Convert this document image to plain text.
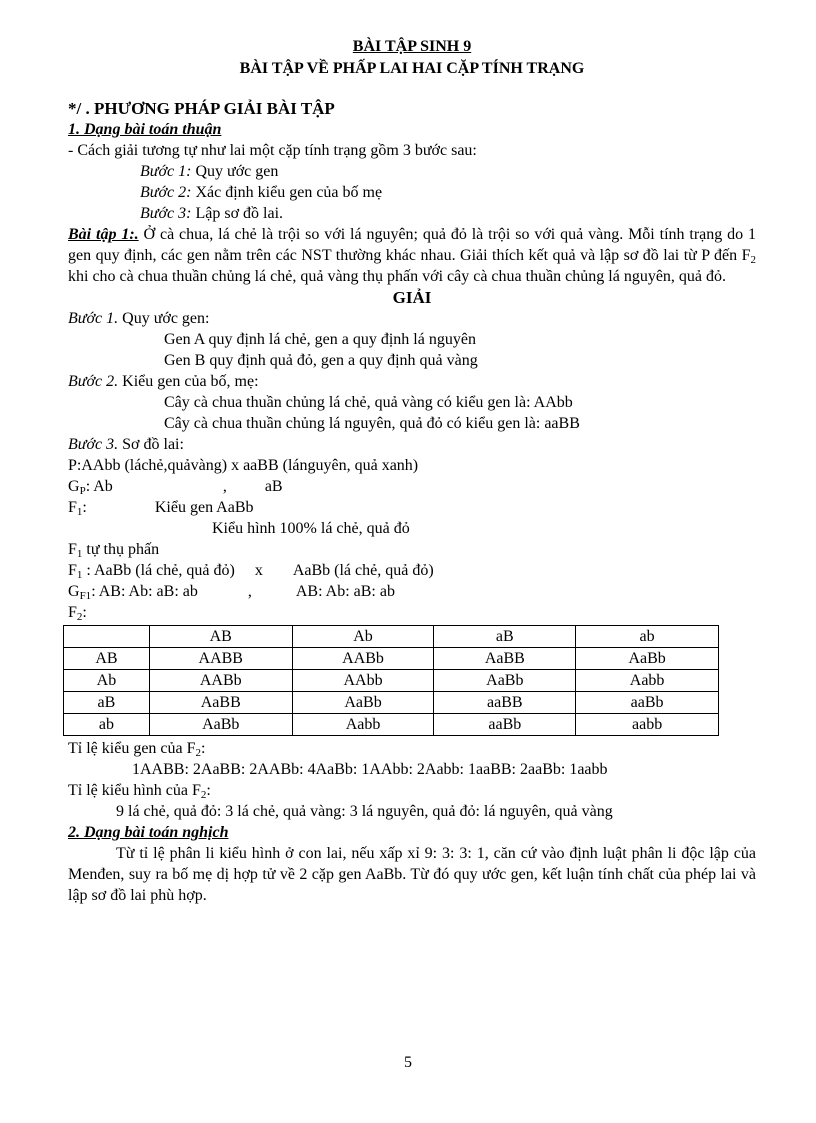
BÀI TẬP SINH 9
BÀI TẬP VỀ PHẤP LAI HAI CẶP TÍNH TRẠNG
*/ . PHƯƠNG PHÁP GIẢI BÀI TẬP
1. Dạng bài toán thuận
- Cách giải tương tự như lai một cặp tính trạng gồm 3 bước sau:
Bước 1: Quy ước gen
Bước 2: Xác định kiểu gen của bố mẹ
Bước 3: Lập sơ đồ lai.
Bài tập 1:. Ở cà chua, lá chẻ là trội so với lá nguyên; quả đỏ là trội so với quả vàng. Mỗi tính trạng do 1 gen quy định, các gen nằm trên các NST thường khác nhau. Giải thích kết quả và lập sơ đồ lai từ P đến $F_2$ khi cho cà chua thuần chủng lá chẻ, quả vàng thụ phấn với cây cà chua thuần chủng lá nguyên, quả đỏ.
GIẢI
Bước 1. Quy ước gen:
Gen A quy định lá chẻ, gen a quy định lá nguyên
Gen B quy định quả đỏ, gen a quy định quả vàng
Bước 2. Kiểu gen của bố, mẹ:
Cây cà chua thuần chủng lá chẻ, quả vàng có kiểu gen là: AAbb
Cây cà chua thuần chủng lá nguyên, quả đỏ có kiểu gen là: aaBB
Bước 3. Sơ đồ lai:
P:AAbb (láchẻ,quảvàng) x aaBB (lánguyên, quả xanh)
$G_P$: Ab	, aB
$F_1$:	Kiểu gen AaBb
Kiểu hình 100% lá chẻ, quả đỏ
$F_1$ tự thụ phấn
$F_1$ : AaBb (lá chẻ, quả đỏ) x AaBb (lá chẻ, quả đỏ)
$G_{F1}$: AB: Ab: aB: ab	,	AB: Ab: aB: ab
$F_2$:
	AB	Ab	aB	ab
AB	AABB	AABb	AaBB	AaBb
Ab	AABb	AAbb	AaBb	Aabb
aB	AaBB	AaBb	aaBB	aaBb
ab	AaBb	Aabb	aaBb	aabb
Tỉ lệ kiểu gen của $F_2$:
1AABB: 2AaBB: 2AABb: 4AaBb: 1AAbb: 2Aabb: 1aaBB: 2aaBb: 1aabb
Tỉ lệ kiểu hình của $F_2$:
9 lá chẻ, quả đỏ: 3 lá chẻ, quả vàng: 3 lá nguyên, quả đỏ: lá nguyên, quả vàng
2. Dạng bài toán nghịch
Từ tỉ lệ phân li kiểu hình ở con lai, nếu xấp xỉ 9: 3: 3: 1, căn cứ vào định luật phân li độc lập của Menđen, suy ra bố mẹ dị hợp tử về 2 cặp gen AaBb. Từ đó quy ước gen, kết luận tính chất của phép lai và lập sơ đồ lai phù hợp.
5
